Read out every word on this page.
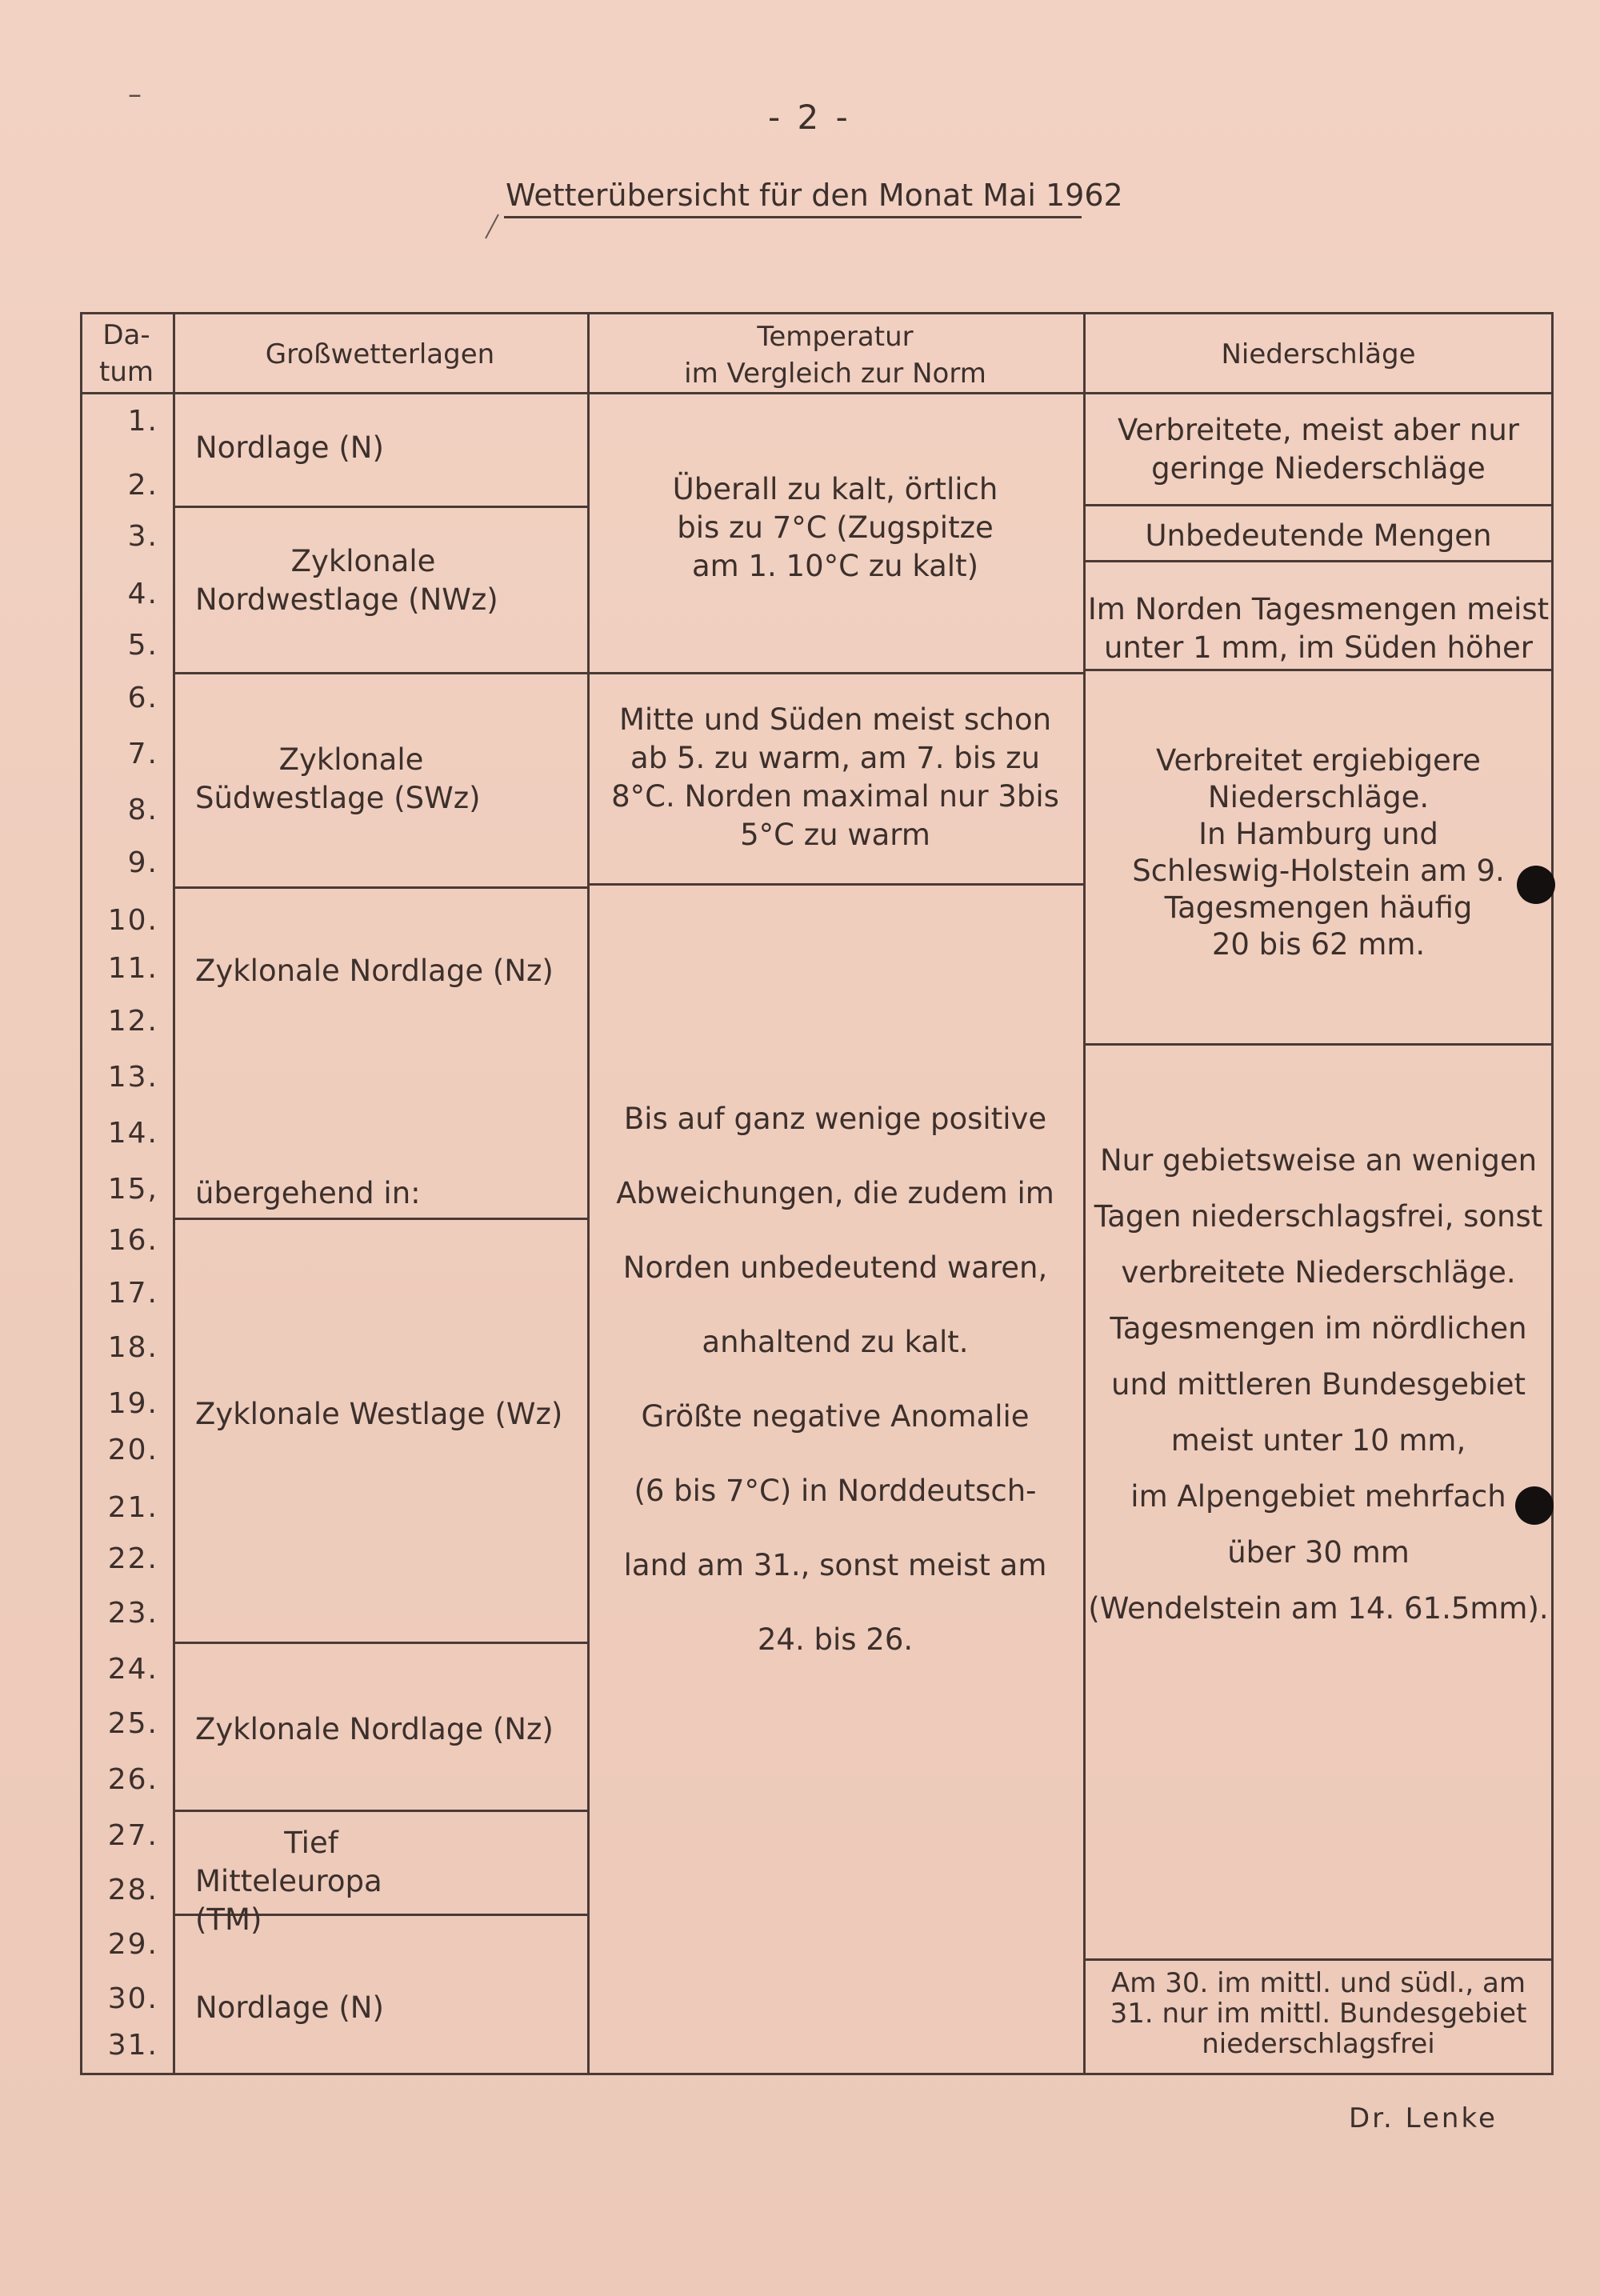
–
- 2 -
Wetterübersicht für den Monat Mai 1962
Da-
tum
Großwetterlagen
Temperatur
im Vergleich zur Norm
Niederschläge
1.
2.
3.
4.
5.
6.
7.
8.
9.
10.
11.
12.
13.
14.
15,
16.
17.
18.
19.
20.
21.
22.
23.
24.
25.
26.
27.
28.
29.
30.
31.
Nordlage (N)
Zyklonale
Nordwestlage (NWz)
Zyklonale
Südwestlage (SWz)
Zyklonale Nordlage (Nz)
übergehend in:
Zyklonale Westlage (Wz)
Zyklonale Nordlage (Nz)
Tief
Mitteleuropa (TM)
Nordlage (N)
Überall zu kalt, örtlich
bis zu 7°C (Zugspitze
am 1. 10°C zu kalt)
Mitte und Süden meist schon
ab 5. zu warm, am 7. bis zu
8°C. Norden maximal nur 3bis
5°C zu warm
Bis auf ganz wenige positive
Abweichungen, die zudem im
Norden unbedeutend waren,
anhaltend zu kalt.
Größte negative Anomalie
(6 bis 7°C) in Norddeutsch-
land am 31., sonst meist am
24. bis 26.
Verbreitete, meist aber nur
geringe Niederschläge
Unbedeutende Mengen
Im Norden Tagesmengen meist
unter 1 mm, im Süden höher
Verbreitet ergiebigere
Niederschläge.
In Hamburg und
Schleswig-Holstein am 9.
Tagesmengen häufig
20 bis 62 mm.
Nur gebietsweise an wenigen
Tagen niederschlagsfrei, sonst
verbreitete Niederschläge.
Tagesmengen im nördlichen
und mittleren Bundesgebiet
meist unter 10 mm,
im Alpengebiet mehrfach
über 30 mm
(Wendelstein am 14. 61.5mm).
Am 30. im mittl. und südl., am
31. nur im mittl. Bundesgebiet
niederschlagsfrei
Dr. Lenke
